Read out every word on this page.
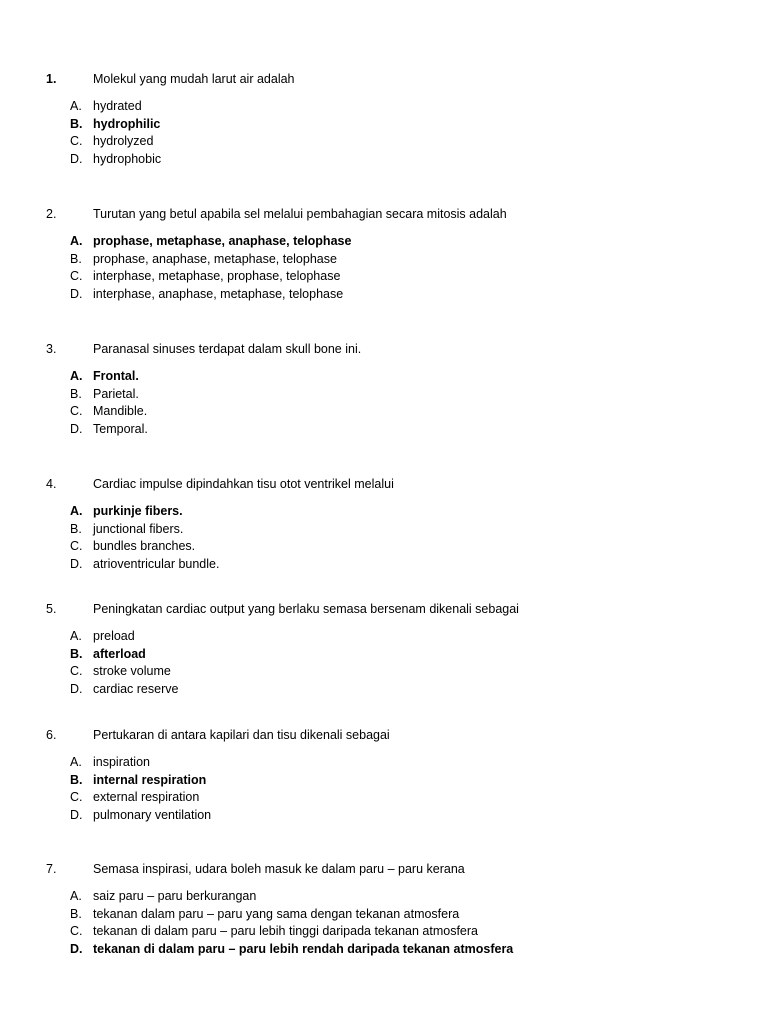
1.	Molekul yang mudah larut air adalah
A. hydrated
B. hydrophilic
C. hydrolyzed
D. hydrophobic
2.	Turutan yang betul apabila sel melalui pembahagian secara mitosis adalah
A. prophase, metaphase, anaphase, telophase
B. prophase, anaphase, metaphase, telophase
C. interphase, metaphase, prophase, telophase
D. interphase, anaphase, metaphase, telophase
3.	Paranasal sinuses terdapat dalam skull bone ini.
A. Frontal.
B. Parietal.
C. Mandible.
D. Temporal.
4.	Cardiac impulse dipindahkan tisu otot ventrikel melalui
A. purkinje fibers.
B. junctional fibers.
C. bundles branches.
D. atrioventricular bundle.
5.	Peningkatan cardiac output yang berlaku semasa bersenam dikenali sebagai
A. preload
B. afterload
C. stroke volume
D. cardiac reserve
6.	Pertukaran di antara kapilari dan tisu dikenali sebagai
A. inspiration
B. internal respiration
C. external respiration
D. pulmonary ventilation
7.	Semasa inspirasi, udara boleh masuk ke dalam paru – paru kerana
A. saiz paru – paru berkurangan
B. tekanan dalam paru – paru yang sama dengan tekanan atmosfera
C. tekanan di dalam paru – paru lebih tinggi daripada tekanan atmosfera
D. tekanan di dalam paru – paru lebih rendah daripada tekanan atmosfera
